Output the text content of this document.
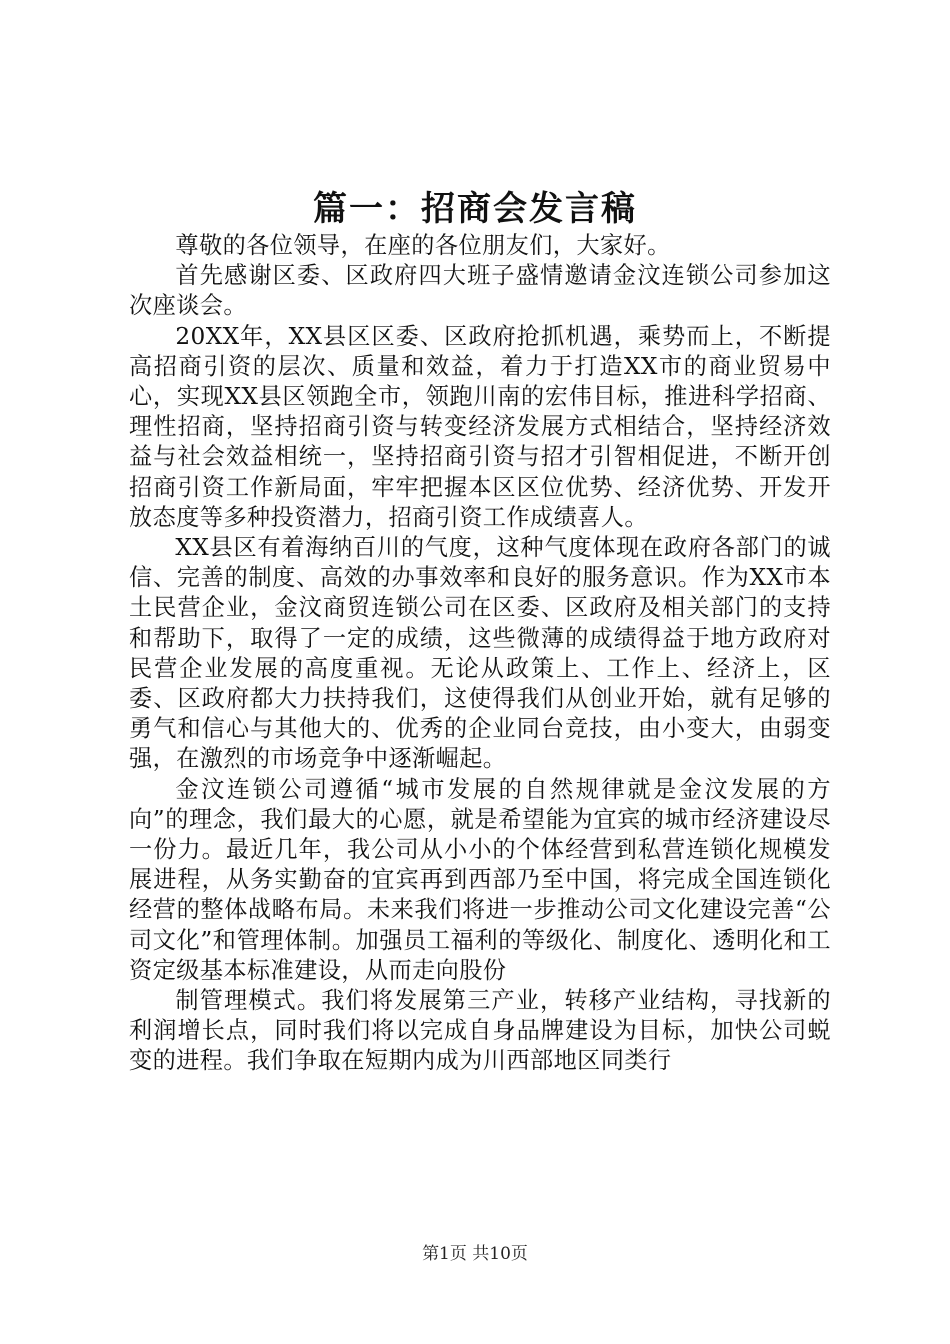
篇一：招商会发言稿

尊敬的各位领导，在座的各位朋友们，大家好。

首先感谢区委、区政府四大班子盛情邀请金汶连锁公司参加这次座谈会。

20XX年，XX县区区委、区政府抢抓机遇，乘势而上，不断提高招商引资的层次、质量和效益，着力于打造XX市的商业贸易中心，实现XX县区领跑全市，领跑川南的宏伟目标，推进科学招商、理性招商，坚持招商引资与转变经济发展方式相结合，坚持经济效益与社会效益相统一，坚持招商引资与招才引智相促进，不断开创招商引资工作新局面，牢牢把握本区区位优势、经济优势、开发开放态度等多种投资潜力，招商引资工作成绩喜人。

XX县区有着海纳百川的气度，这种气度体现在政府各部门的诚信、完善的制度、高效的办事效率和良好的服务意识。作为XX市本土民营企业，金汶商贸连锁公司在区委、区政府及相关部门的支持和帮助下，取得了一定的成绩，这些微薄的成绩得益于地方政府对民营企业发展的高度重视。无论从政策上、工作上、经济上，区委、区政府都大力扶持我们，这使得我们从创业开始，就有足够的勇气和信心与其他大的、优秀的企业同台竞技，由小变大，由弱变强，在激烈的市场竞争中逐渐崛起。

金汶连锁公司遵循“城市发展的自然规律就是金汶发展的方向”的理念，我们最大的心愿，就是希望能为宜宾的城市经济建设尽一份力。最近几年，我公司从小小的个体经营到私营连锁化规模发展进程，从务实勤奋的宜宾再到西部乃至中国，将完成全国连锁化经营的整体战略布局。未来我们将进一步推动公司文化建设完善“公司文化”和管理体制。加强员工福利的等级化、制度化、透明化和工资定级基本标准建设，从而走向股份

制管理模式。我们将发展第三产业，转移产业结构，寻找新的利润增长点，同时我们将以完成自身品牌建设为目标，加快公司蜕变的进程。我们争取在短期内成为川西部地区同类行

第1页 共10页
